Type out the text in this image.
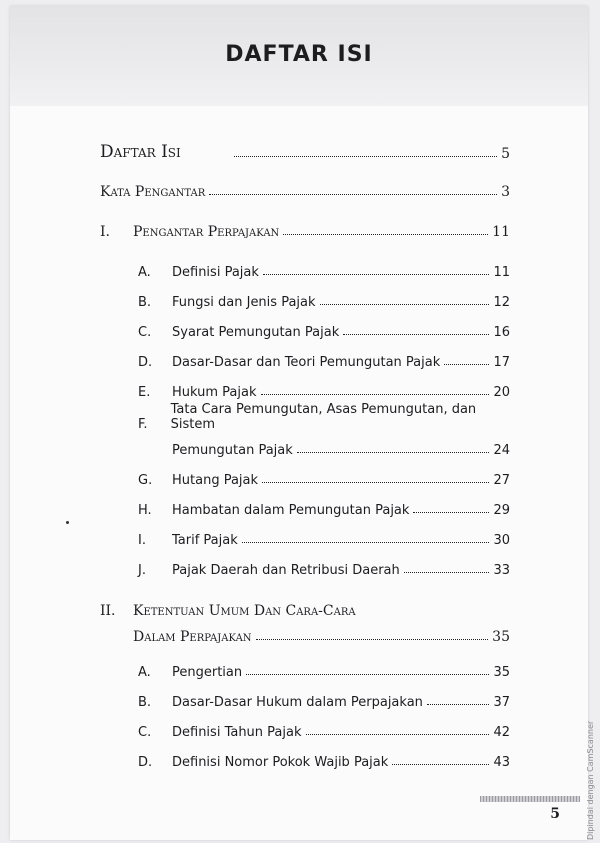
DAFTAR ISI
Daftar Isi	5
Kata Pengantar	3
I.	Pengantar Perpajakan	11
A.	Definisi Pajak	11
B.	Fungsi dan Jenis Pajak	12
C.	Syarat Pemungutan Pajak	16
D.	Dasar-Dasar dan Teori Pemungutan Pajak	17
E.	Hukum Pajak	20
F.
Tata Cara Pemungutan, Asas Pemungutan, dan Sistem
Pemungutan Pajak	24
G.	Hutang Pajak	27
H.	Hambatan dalam Pemungutan Pajak	29
I.	Tarif Pajak	30
J.	Pajak Daerah dan Retribusi Daerah	33
II.	Ketentuan Umum Dan Cara-Cara
Dalam Perpajakan	35
A.	Pengertian	35
B.	Dasar-Dasar Hukum dalam Perpajakan	37
C.	Definisi Tahun Pajak	42
D.	Definisi Nomor Pokok Wajib Pajak	43
5	Dipindai dengan CamScanner
